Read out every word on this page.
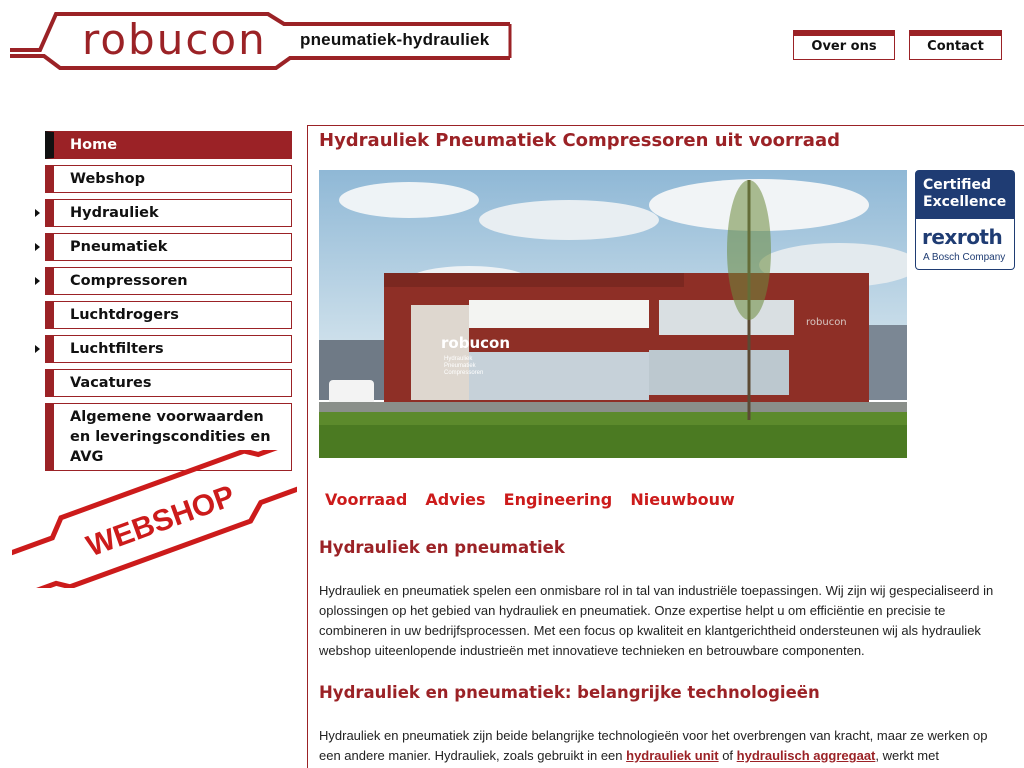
robucon pneumatiek-hydrauliek	Over ons	Contact
Home
Webshop
Hydrauliek
Pneumatiek
Compressoren
Luchtdrogers
Luchtfilters
Vacatures
Algemene voorwaarden en leveringscondities en AVG
WEBSHOP
Hydrauliek Pneumatiek Compressoren uit voorraad
robucon
Hydrauliek
Pneumatiek
Compressoren
robucon
Certified
Excellence
rexroth
A Bosch Company
Voorraad Advies Engineering Nieuwbouw
Hydrauliek en pneumatiek

Hydrauliek en pneumatiek spelen een onmisbare rol in tal van industriële toepassingen. Wij zijn wij gespecialiseerd in oplossingen op het gebied van hydrauliek en pneumatiek. Onze expertise helpt u om efficiëntie en precisie te combineren in uw bedrijfsprocessen. Met een focus op kwaliteit en klantgerichtheid ondersteunen wij als hydrauliek webshop uiteenlopende industrieën met innovatieve technieken en betrouwbare componenten.

Hydrauliek en pneumatiek: belangrijke technologieën

Hydrauliek en pneumatiek zijn beide belangrijke technologieën voor het overbrengen van kracht, maar ze werken op een andere manier. Hydrauliek, zoals gebruikt in een hydrauliek unit of hydraulisch aggregaat, werkt met
